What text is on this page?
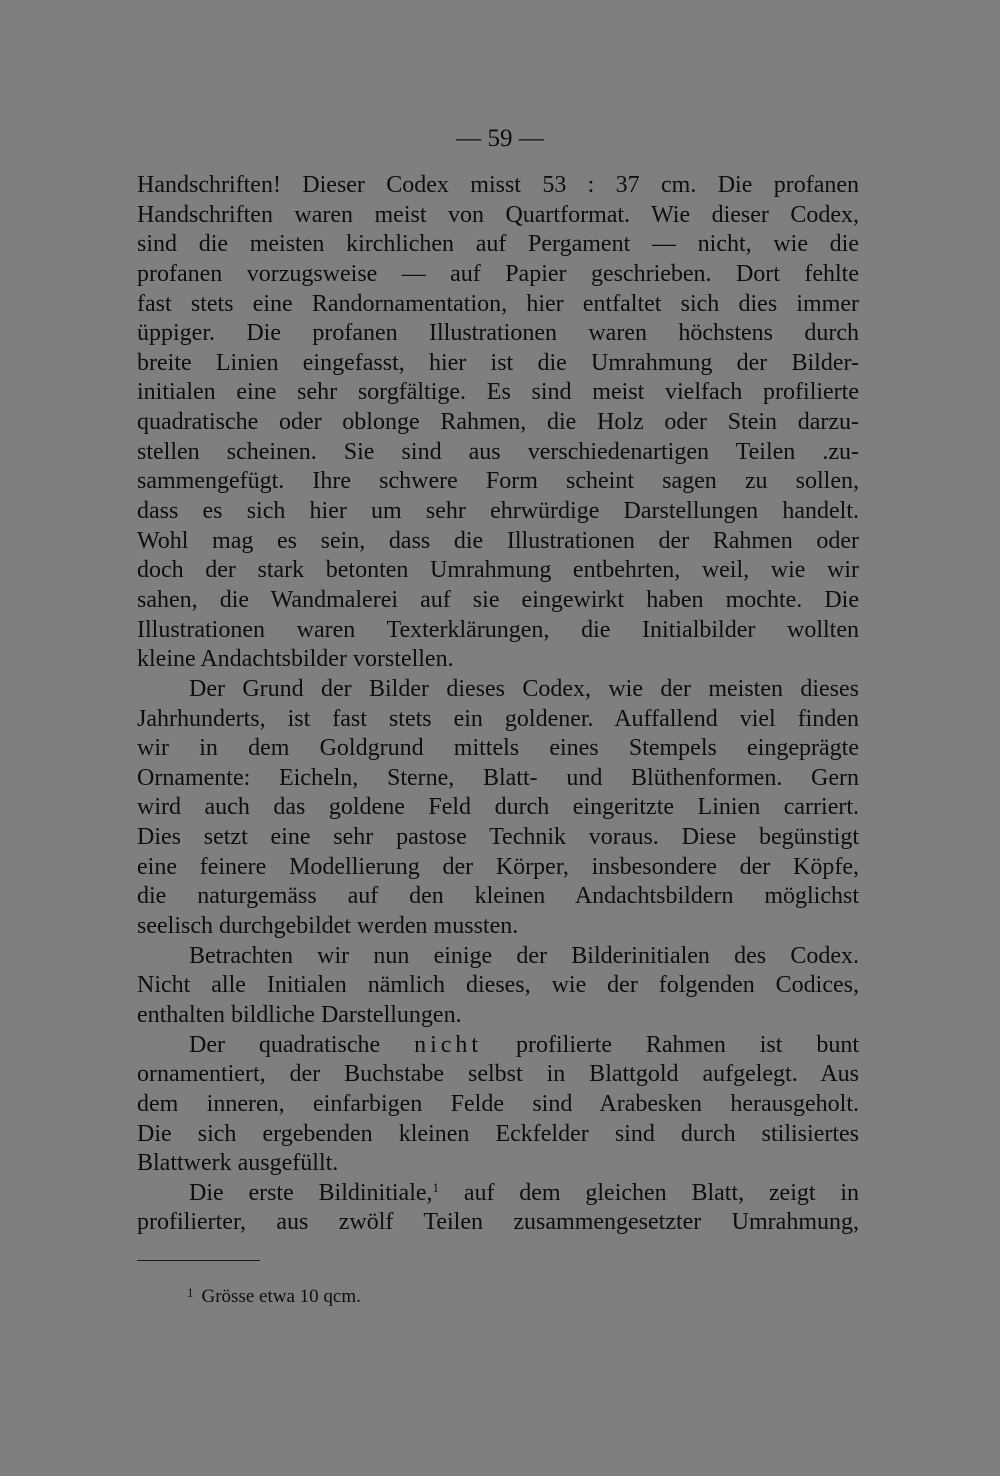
— 59 —
Handschriften! Dieser Codex misst 53 : 37 cm. Die profanen
Handschriften waren meist von Quartformat. Wie dieser Codex,
sind die meisten kirchlichen auf Pergament — nicht, wie die
profanen vorzugsweise — auf Papier geschrieben. Dort fehlte
fast stets eine Randornamentation, hier entfaltet sich dies immer
üppiger. Die profanen Illustrationen waren höchstens durch
breite Linien eingefasst, hier ist die Umrahmung der Bilder-
initialen eine sehr sorgfältige. Es sind meist vielfach profilierte
quadratische oder oblonge Rahmen, die Holz oder Stein darzu-
stellen scheinen. Sie sind aus verschiedenartigen Teilen .zu-
sammengefügt. Ihre schwere Form scheint sagen zu sollen,
dass es sich hier um sehr ehrwürdige Darstellungen handelt.
Wohl mag es sein, dass die Illustrationen der Rahmen oder
doch der stark betonten Umrahmung entbehrten, weil, wie wir
sahen, die Wandmalerei auf sie eingewirkt haben mochte. Die
Illustrationen waren Texterklärungen, die Initialbilder wollten
kleine Andachtsbilder vorstellen.
Der Grund der Bilder dieses Codex, wie der meisten dieses
Jahrhunderts, ist fast stets ein goldener. Auffallend viel finden
wir in dem Goldgrund mittels eines Stempels eingeprägte
Ornamente: Eicheln, Sterne, Blatt- und Blüthenformen. Gern
wird auch das goldene Feld durch eingeritzte Linien carriert.
Dies setzt eine sehr pastose Technik voraus. Diese begünstigt
eine feinere Modellierung der Körper, insbesondere der Köpfe,
die naturgemäss auf den kleinen Andachtsbildern möglichst
seelisch durchgebildet werden mussten.
Betrachten wir nun einige der Bilderinitialen des Codex.
Nicht alle Initialen nämlich dieses, wie der folgenden Codices,
enthalten bildliche Darstellungen.
Der quadratische nicht profilierte Rahmen ist bunt
ornamentiert, der Buchstabe selbst in Blattgold aufgelegt. Aus
dem inneren, einfarbigen Felde sind Arabesken herausgeholt.
Die sich ergebenden kleinen Eckfelder sind durch stilisiertes
Blattwerk ausgefüllt.
Die erste Bildinitiale,$^1$ auf dem gleichen Blatt, zeigt in
profilierter, aus zwölf Teilen zusammengesetzter Umrahmung,
$^1$ Grösse etwa 10 qcm.
